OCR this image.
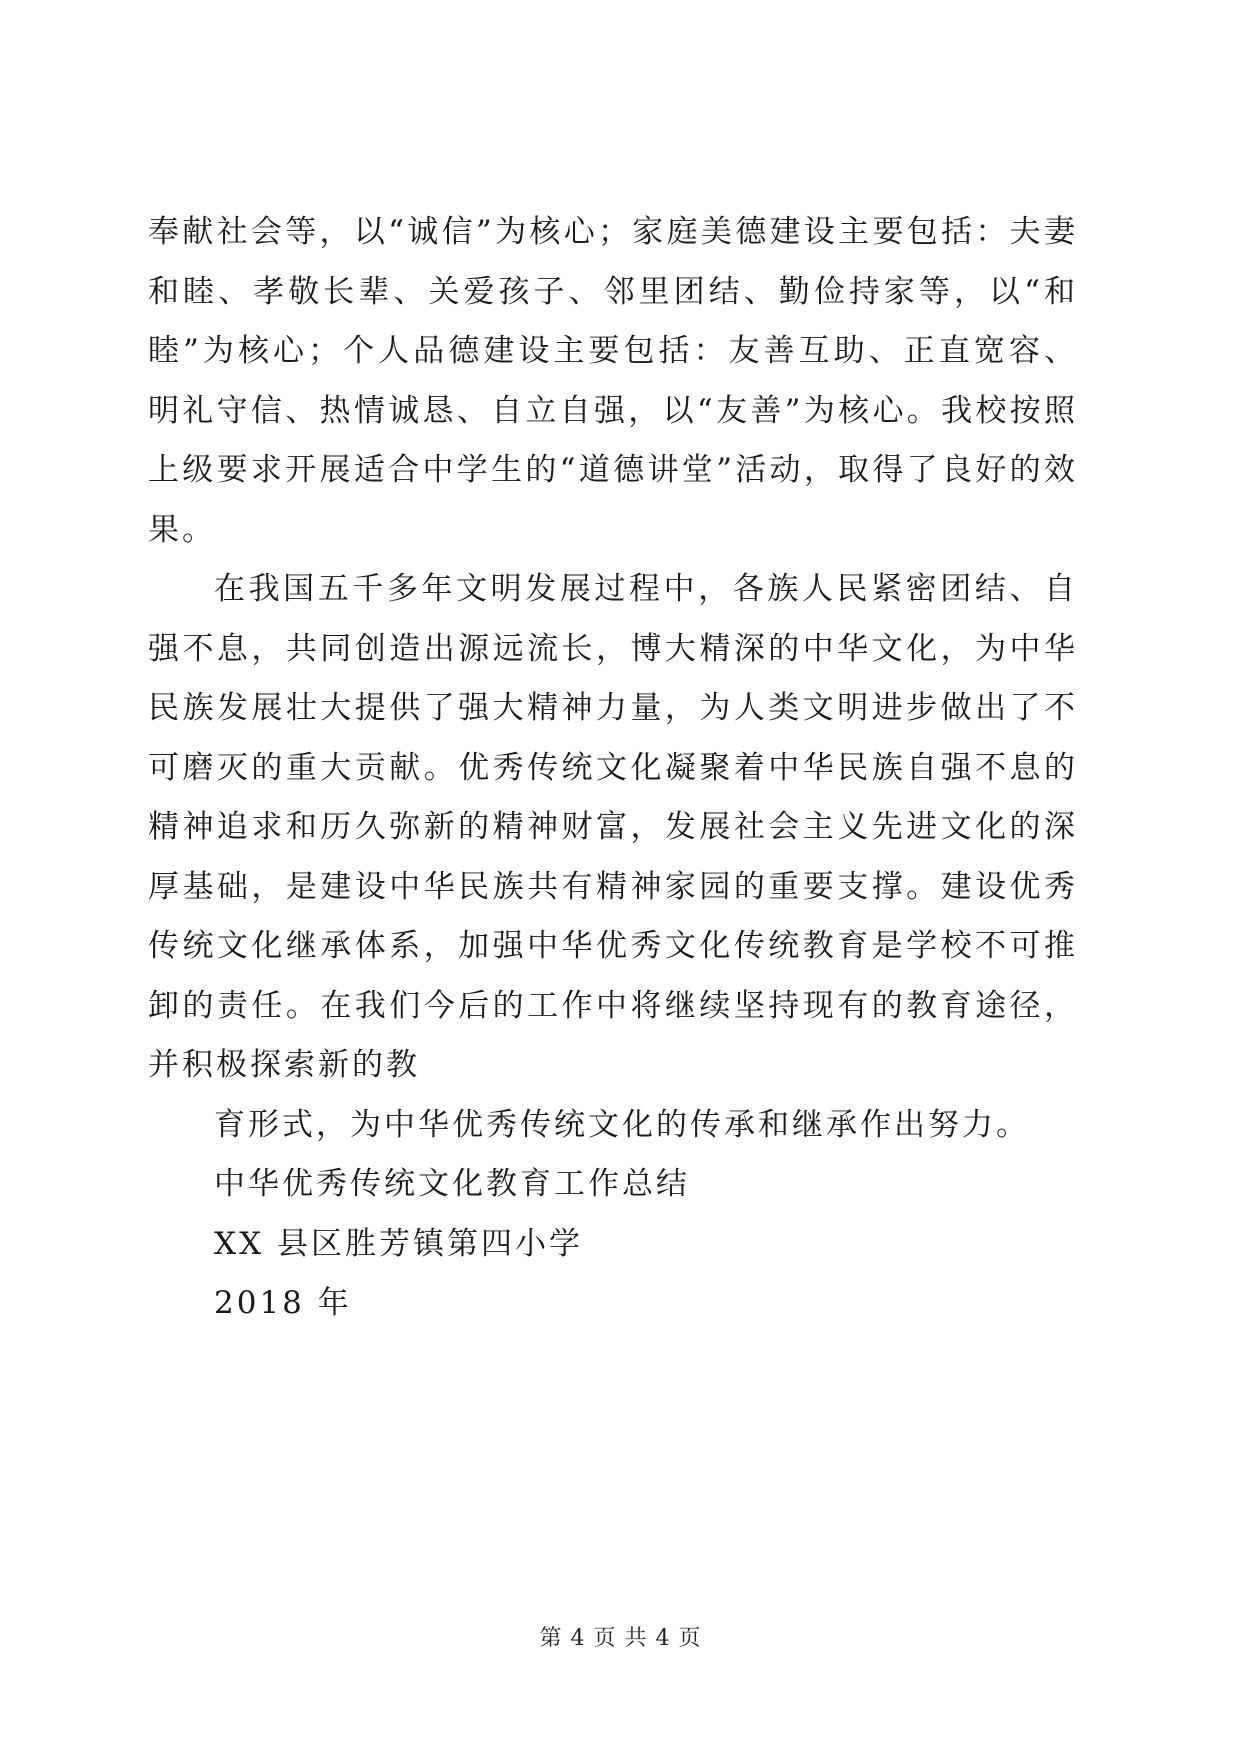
奉献社会等，以“诚信”为核心；家庭美德建设主要包括：夫妻和睦、孝敬长辈、关爱孩子、邻里团结、勤俭持家等，以“和睦”为核心；个人品德建设主要包括：友善互助、正直宽容、明礼守信、热情诚恳、自立自强，以“友善”为核心。我校按照上级要求开展适合中学生的“道德讲堂”活动，取得了良好的效果。

在我国五千多年文明发展过程中，各族人民紧密团结、自强不息，共同创造出源远流长，博大精深的中华文化，为中华民族发展壮大提供了强大精神力量，为人类文明进步做出了不可磨灭的重大贡献。优秀传统文化凝聚着中华民族自强不息的精神追求和历久弥新的精神财富，发展社会主义先进文化的深厚基础，是建设中华民族共有精神家园的重要支撑。建设优秀传统文化继承体系，加强中华优秀文化传统教育是学校不可推卸的责任。在我们今后的工作中将继续坚持现有的教育途径，并积极探索新的教

育形式，为中华优秀传统文化的传承和继承作出努力。

中华优秀传统文化教育工作总结

XX 县区胜芳镇第四小学

2018 年

第 4 页 共 4 页
